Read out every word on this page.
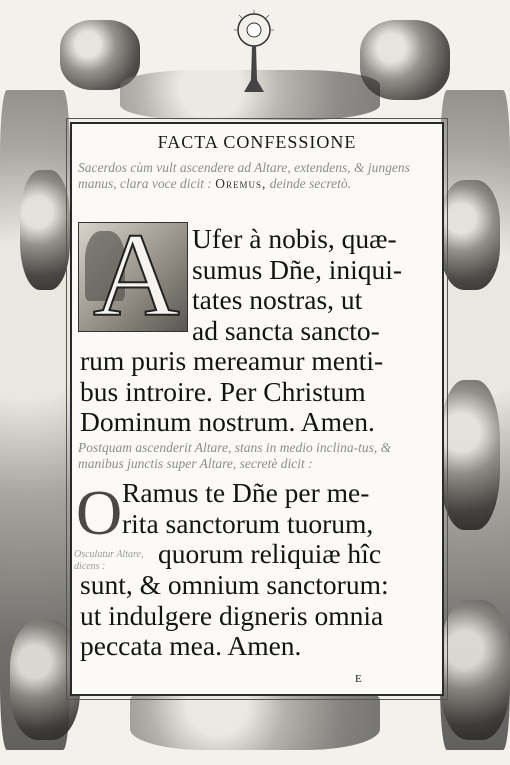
FACTA CONFESSIONE
Sacerdos cùm vult ascendere ad Altare, extendens, & jungens manus, clara voce dicit : Oremus, deinde secretò.
A Ufer à nobis, quæ-
sumus Dñe, iniqui-
tates nostras, ut
ad sancta sancto-
rum puris mereamur menti-
bus introire. Per Christum
Dominum nostrum. Amen.
Postquam ascenderit Altare, stans in medio inclina-tus, & manibus junctis super Altare, secretè dicit :
O Ramus te Dñe per me-
rita sanctorum tuorum,
Osculatur Altare, dicens :	quorum reliquiæ hîc
sunt, & omnium sanctorum:
ut indulgere digneris omnia
peccata mea. Amen.
E
